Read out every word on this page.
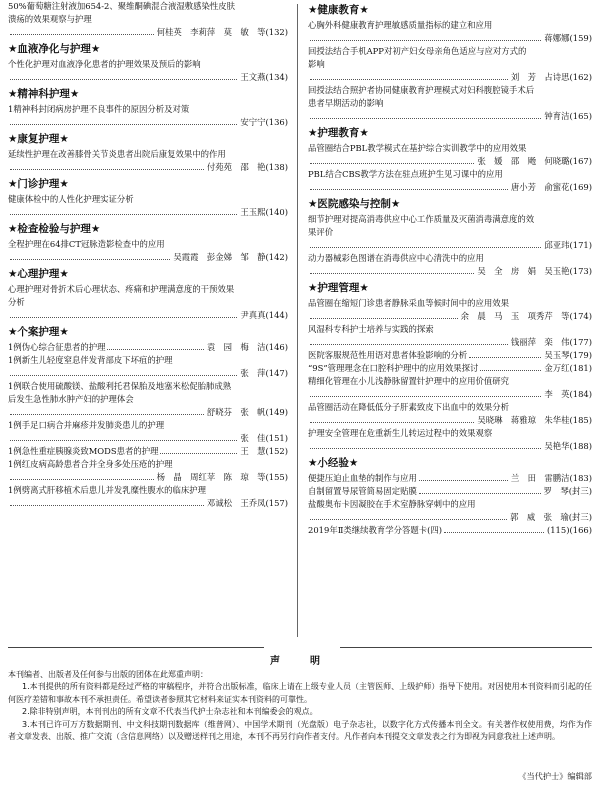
50%葡萄糖注射液加654-2、聚维酮碘混合液湿敷感染性皮肤
溃疡的效果观察与护理
何桂英　李莉萍　莫　敏　等(132)
★血液净化与护理★
个性化护理对血液净化患者的护理效果及预后的影响
王文燕(134)
★精神科护理★
1精神科封闭病房护理不良事件的原因分析及对策
安宁宁(136)
★康复护理★
延续性护理在改善膝骨关节炎患者出院后康复效果中的作用
付苑苑　邵　艳(138)
★门诊护理★
健康体检中的人性化护理实证分析
王玉熙(140)
★检查检验与护理★
全程护理在64排CT冠脉造影检查中的应用
吴霞霞　彭金娣　邹　静(142)
★心理护理★
心理护理对骨折术后心理状态、疼痛和护理满意度的干预效果
分析
尹真真(144)
★个案护理★
1例伪心综合征患者的护理	袁　园　梅　洁(146)
1例新生儿轻度窒息伴发背部皮下坏疽的护理
张　萍(147)
1例联合使用硫酸镁、盐酸利托君保胎及地塞米松促胎肺成熟
后发生急性肺水肿产妇的护理体会
舒晓芬　张　帆(149)
1例手足口病合并麻疹并发肺炎患儿的护理
张　佳(151)
1例急性重症胰腺炎致MODS患者的护理	王　慧(152)
1例红皮病高龄患者合并全身多处压疮的护理
杨　晶　周红苹　陈　琼　等(155)
1例劈离式肝移植术后患儿并发乳糜性腹水的临床护理
邓诚松　王乔凤(157)
★健康教育★
心胸外科健康教育护理敏感质量指标的建立和应用
蒋娜娜(159)
回授法结合手机APP对初产妇女母亲角色适应与应对方式的
影响
刘　芳　占诗思(162)
回授法结合照护者协同健康教育护理模式对妇科腹腔镜手术后
患者早期活动的影响
钟育洁(165)
★护理教育★
品管圈结合PBL教学模式在基护综合实训教学中的应用效果
张　媛　邵　飏　何晓璐(167)
PBL结合CBS教学方法在驻点班护生见习课中的应用
唐小芳　俞蜜花(169)
★医院感染与控制★
细节护理对提高消毒供应中心工作质量及灭菌消毒满意度的效
果评价
邱亚玮(171)
动力器械彩色图谱在消毒供应中心清洗中的应用
吴　全　房　娟　吴玉艳(173)
★护理管理★
品管圈在缩短门诊患者静脉采血等候时间中的应用效果
余　晨　马　玉　项秀芹　等(174)
风湿科专科护士培养与实践的探索
钱丽萍　栾　伟(177)
医院客服规范性用语对患者体验影响的分析	吴玉琴(179)
“9S”管理理念在口腔科护理中的应用效果探讨	金万红(181)
精细化管理在小儿浅静脉留置针护理中的应用价值研究
李　英(184)
品管圈活动在降低低分子肝素致皮下出血中的效果分析
吴晓琳　蒋雅琼　朱华桂(185)
护理安全管理在危重新生儿转运过程中的效果观察
吴艳华(188)
★小经验★
便捷压迫止血垫的制作与应用	兰　田　雷鹏洁(183)
自制留置导尿管简易固定贴膜	罗　琴(封三)
盐酸奥布卡因凝胶在手术室静脉穿刺中的应用
郭　威　张　瑜(封三)
2019年Ⅱ类继续教育学分答题卡(四)	(115)(166)
声　明

本刊编者、出版者及任何参与出版的团体在此郑重声明：

1.本刊提供的所有资料都是经过严格的审稿程序，并符合出版标准，临床上请在上级专业人员（主管医师、上级护师）指导下使用。对因使用本刊资料而引起的任何医疗差错和事故本刊不承担责任。希望读者参照其它材料来证实本刊资料的可靠性。

2.除非特别声明，本刊刊出的所有文章不代表当代护士杂志社和本刊编委会的观点。

3.本刊已许可万方数据期刊、中文科技期刊数据库（维普网）、中国学术期刊（光盘版）电子杂志社，以数字化方式传播本刊全文。有关著作权使用费，均作为作者文章发表、出版、推广交流（含信息网络）以及赠送样刊之用途，本刊不再另行向作者支付。凡作者向本刊提交文章发表之行为即视为同意我社上述声明。

《当代护士》编辑部
